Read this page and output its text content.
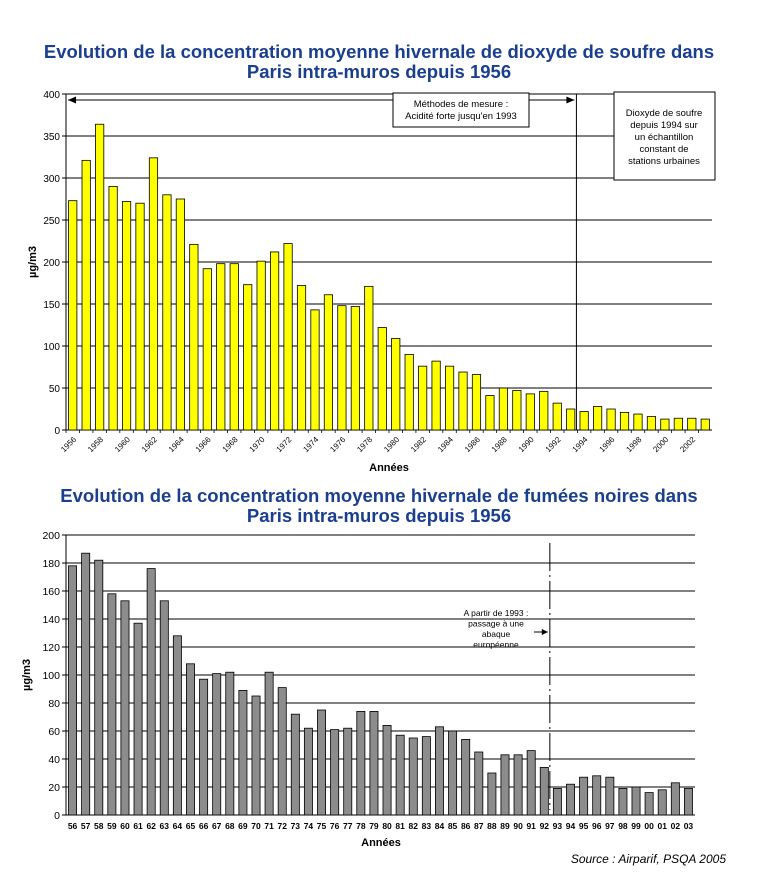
Evolution de la concentration moyenne hivernale de dioxyde de soufre dans
Paris intra-muros depuis 1956
0
50
100
150
200
250
300
350
400
1956 1958 1960 1962 1964 1966 1968 1970 1972 1974 1976 1978 1980 1982 1984 1986 1988 1990 1992 1994 1996 1998 2000 2002
Années
µg/m3
Méthodes de mesure :
Acidité forte jusqu'en 1993	Dioxyde de soufre
depuis 1994 sur
un échantillon
constant de
stations urbaines
Evolution de la concentration moyenne hivernale de fumées noires dans
Paris intra-muros depuis 1956
0
20
40
60
80
100
120
140
160
180
200
56 57 58 59 60 61 62 63 64 65 66 67 68 69 70 71 72 73 74 75 76 77 78 79 80 81 82 83 84 85 86 87 88 89 90 91 92 93 94 95 96 97 98 99 00 01 02 03
Années
µg/m3
A partir de 1993 :
passage à une
abaque
européenne
Source : Airparif, PSQA 2005
